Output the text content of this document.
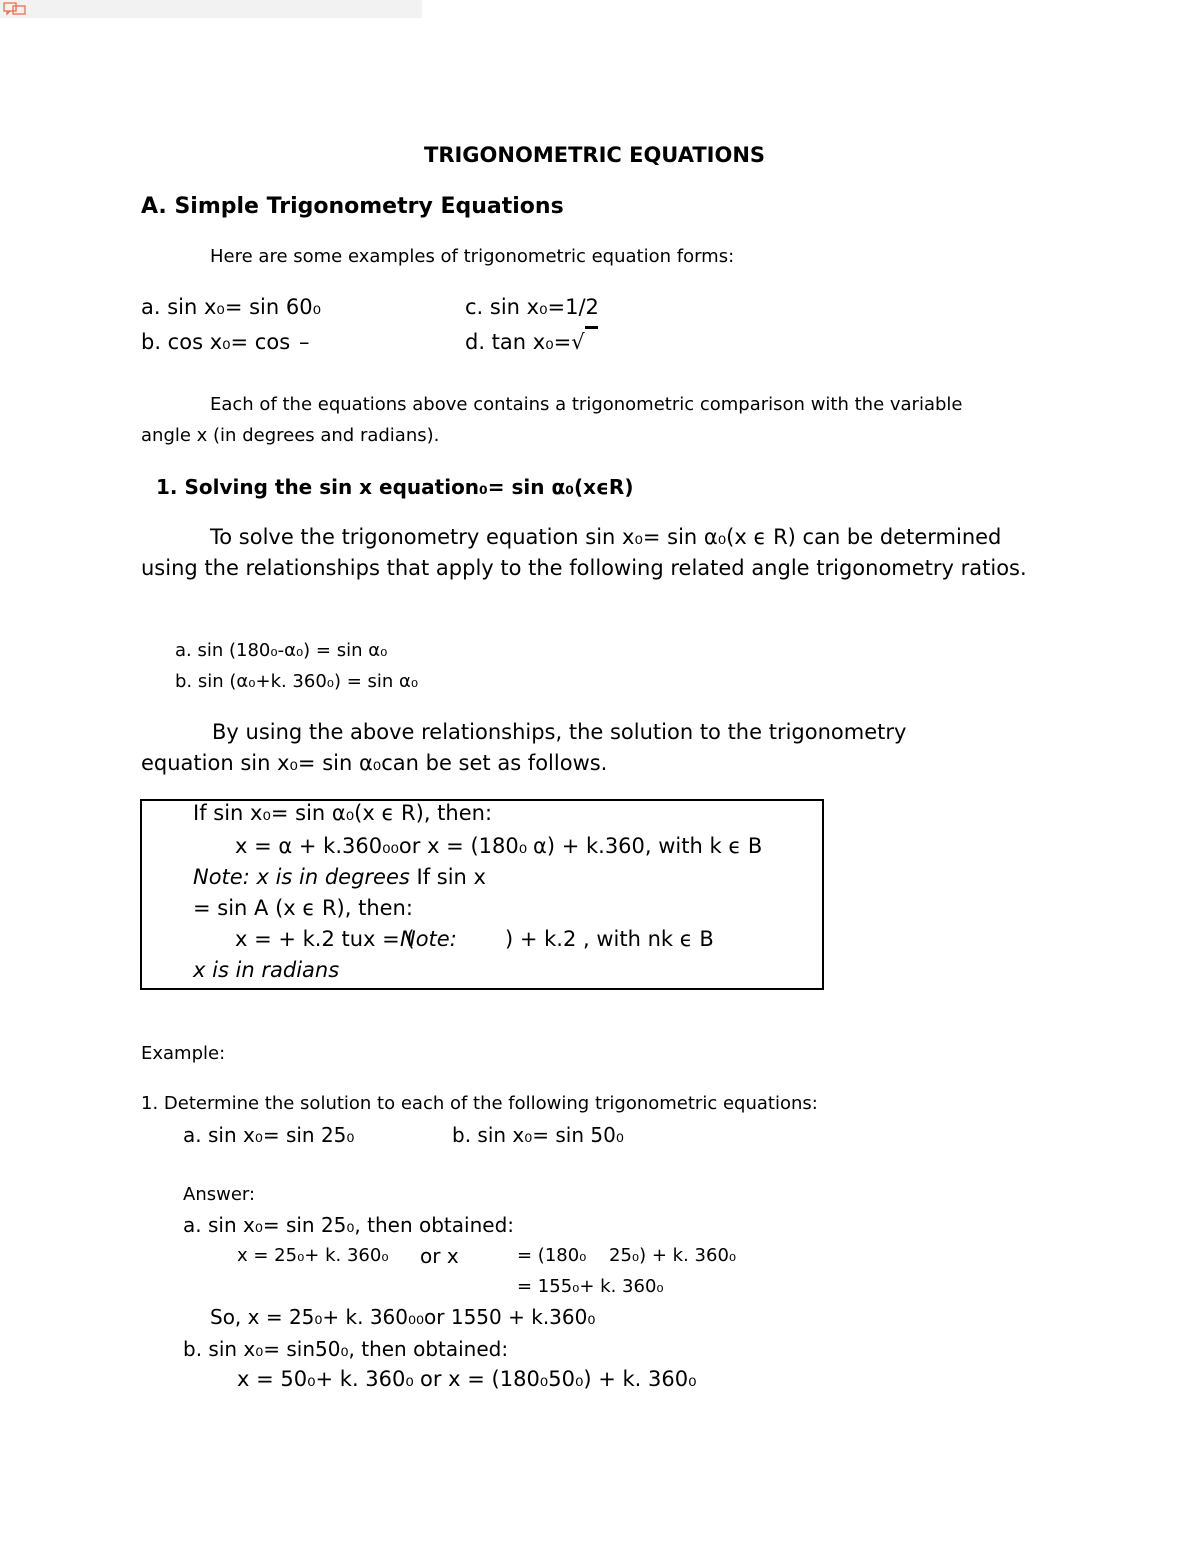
TRIGONOMETRIC EQUATIONS
A. Simple Trigonometry Equations
Here are some examples of trigonometric equation forms:
a. sin x₀= sin 60₀
b. cos x₀= cos –
c. sin x₀=1/2
d. tan x₀=√
Each of the equations above contains a trigonometric comparison with the variable
angle x (in degrees and radians).
1. Solving the sin x equation₀= sin α₀(xϵR)
To solve the trigonometry equation sin x₀= sin α₀(x ϵ R) can be determined
using the relationships that apply to the following related angle trigonometry ratios.
a. sin (180₀-α₀) = sin α₀
b. sin (α₀+k. 360₀) = sin α₀
By using the above relationships, the solution to the trigonometry
equation sin x₀= sin α₀can be set as follows.
If sin x₀= sin α₀(x ϵ R), then:
x = α + k.360₀₀or x = (180₀ α) + k.360, with k ϵ B
Note: x is in degrees If sin x
= sin A (x ϵ R), then:
x = + k.2 tux = (
Note: ) + k.2 , with nk ϵ B
x is in radians
Example:
1. Determine the solution to each of the following trigonometric equations:
a. sin x₀= sin 25₀	b. sin x₀= sin 50₀
Answer:
a. sin x₀= sin 25₀, then obtained:
x = 25₀+ k. 360₀ or x	= (180₀ 25₀) + k. 360₀
= 155₀+ k. 360₀
So, x = 25₀+ k. 360₀₀or 1550 + k.360₀
b. sin x₀= sin50₀, then obtained:
x = 50₀+ k. 360₀ or x = (180₀50₀) + k. 360₀
